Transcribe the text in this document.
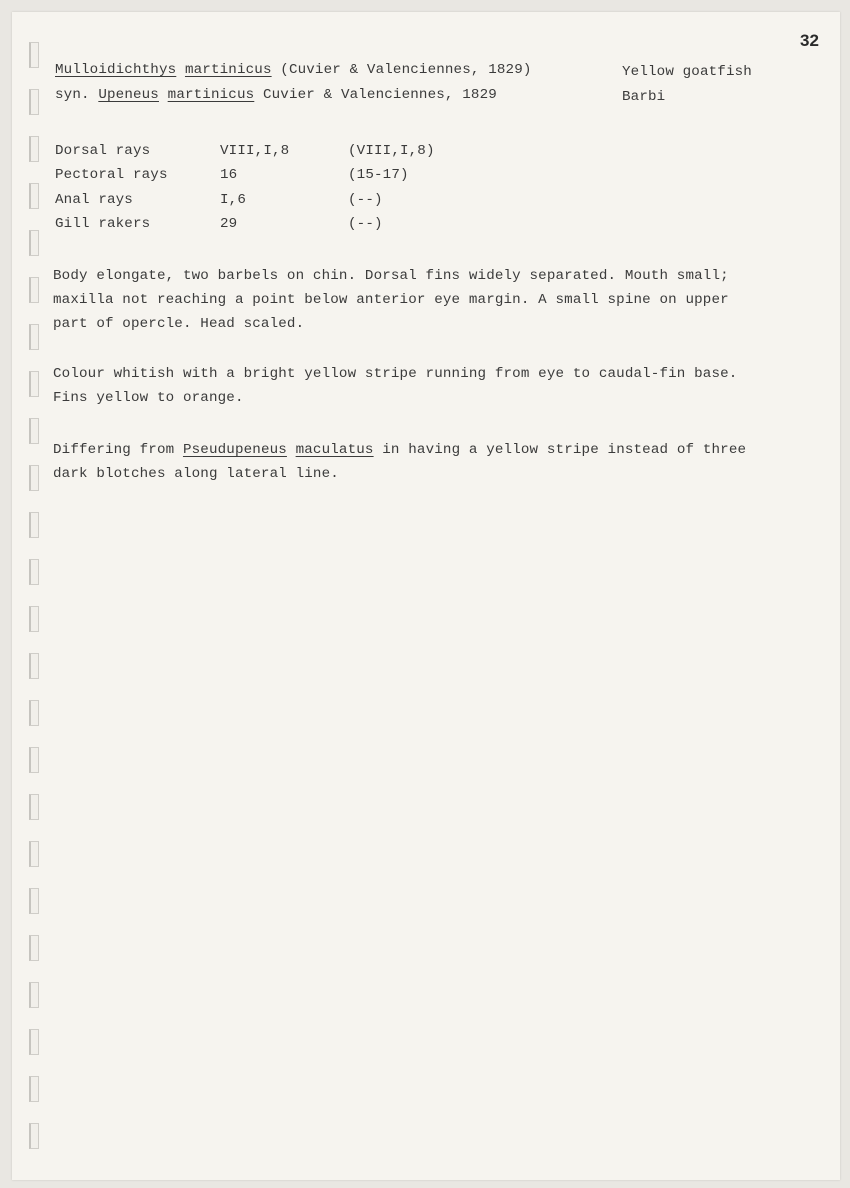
32
Mulloidichthys martinicus (Cuvier & Valenciennes, 1829)
syn. Upeneus martinicus Cuvier & Valenciennes, 1829
Yellow goatfish
Barbi
Dorsal rays	VIII,I,8	(VIII,I,8)
Pectoral rays	16	(15-17)
Anal rays	I,6	(--)
Gill rakers	29	(--)
Body elongate, two barbels on chin. Dorsal fins widely separated. Mouth small;
maxilla not reaching a point below anterior eye margin. A small spine on upper
part of opercle. Head scaled.
Colour whitish with a bright yellow stripe running from eye to caudal-fin base.
Fins yellow to orange.
Differing from Pseudupeneus maculatus in having a yellow stripe instead of three
dark blotches along lateral line.
